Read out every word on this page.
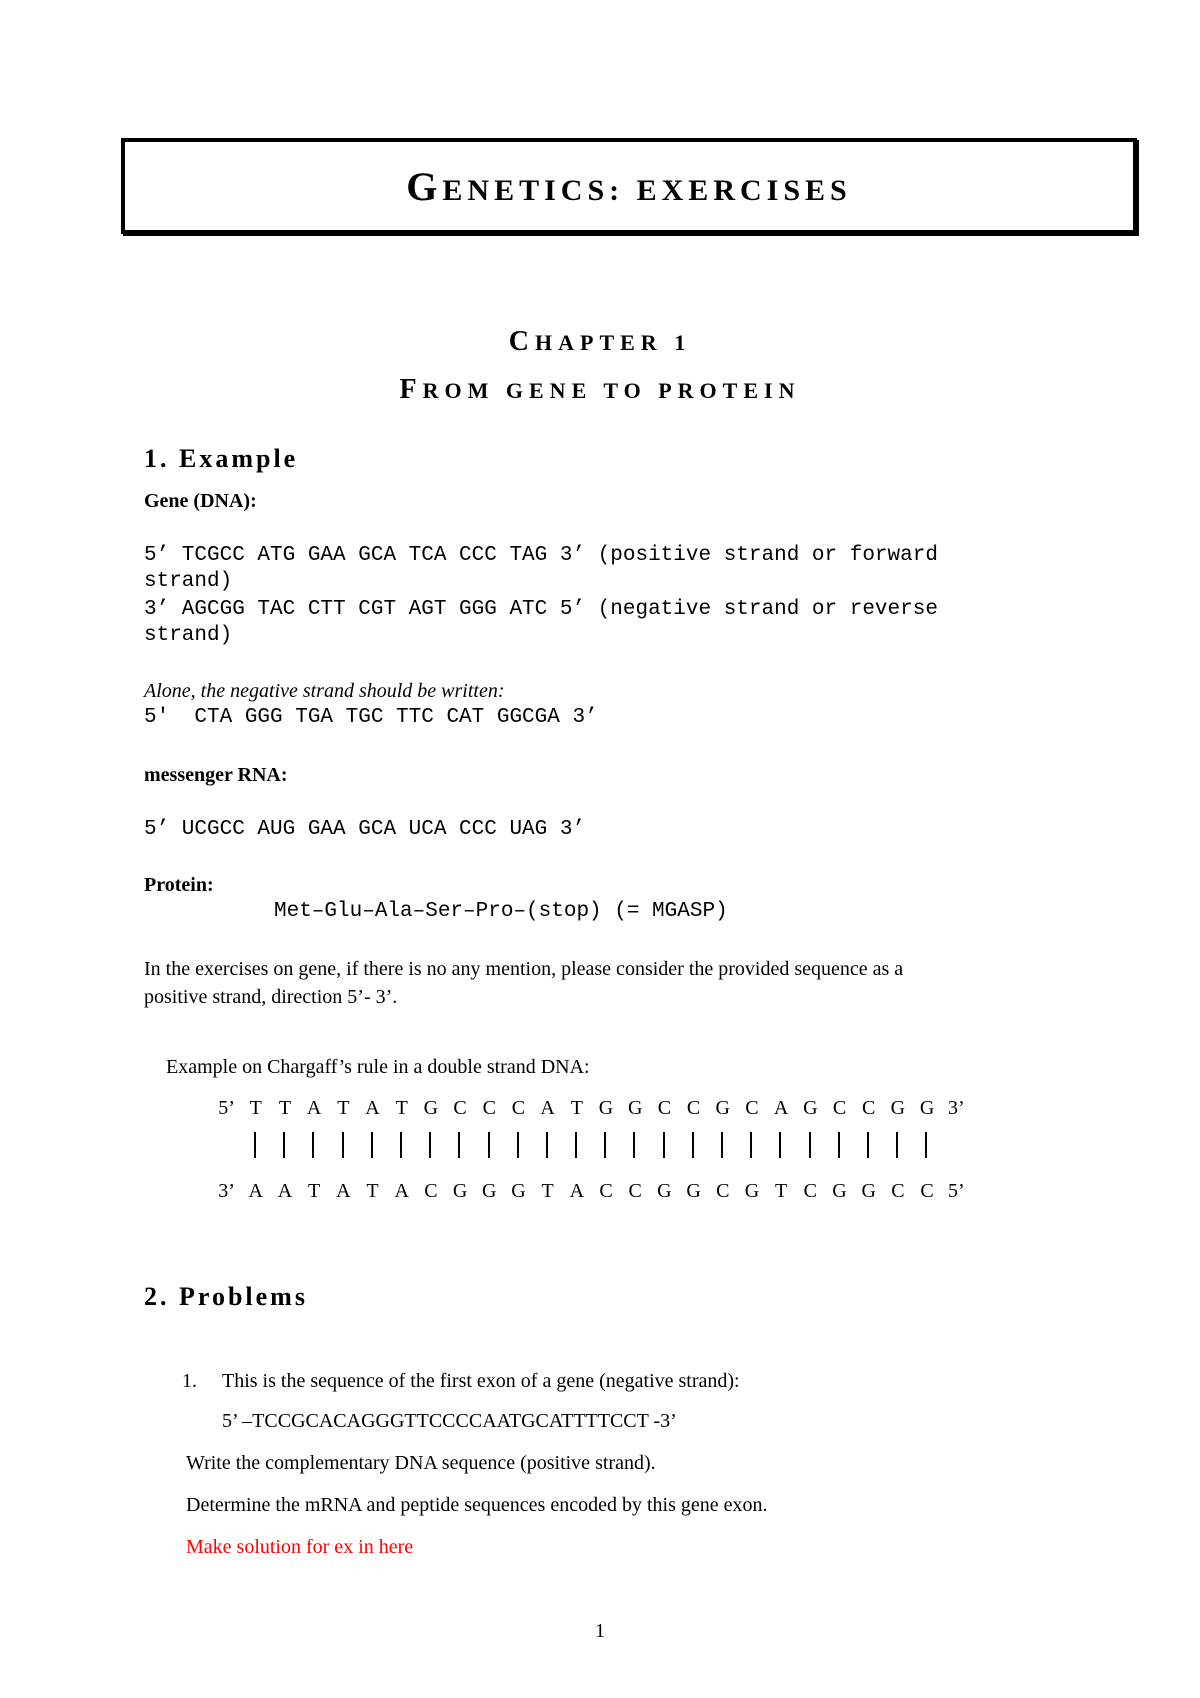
GENETICS: EXERCISES
CHAPTER 1
FROM GENE TO PROTEIN
1. Example
Gene (DNA):
5’ TCGCC ATG GAA GCA TCA CCC TAG 3’ (positive strand or forward
strand)
3’ AGCGG TAC CTT CGT AGT GGG ATC 5’ (negative strand or reverse
strand)
Alone, the negative strand should be written:
5'  CTA GGG TGA TGC TTC CAT GGCGA 3’
messenger RNA:
5’ UCGCC AUG GAA GCA UCA CCC UAG 3’
Protein:
Met–Glu–Ala–Ser–Pro–(stop) (= MGASP)
In the exercises on gene, if there is no any mention, please consider the provided sequence as a
positive strand, direction 5’- 3’.
Example on Chargaff’s rule in a double strand DNA:
5’ T T A T A T G C C C A T G G C C G C A G C C G G 3’
3’ A A T A T A C G G G T A C C G G C G T C G G C C 5’
2. Problems
1. This is the sequence of the first exon of a gene (negative strand):
5’ –TCCGCACAGGGTTCCCCAATGCATTTTCCT -3’
Write the complementary DNA sequence (positive strand).
Determine the mRNA and peptide sequences encoded by this gene exon.
Make solution for ex in here
1
